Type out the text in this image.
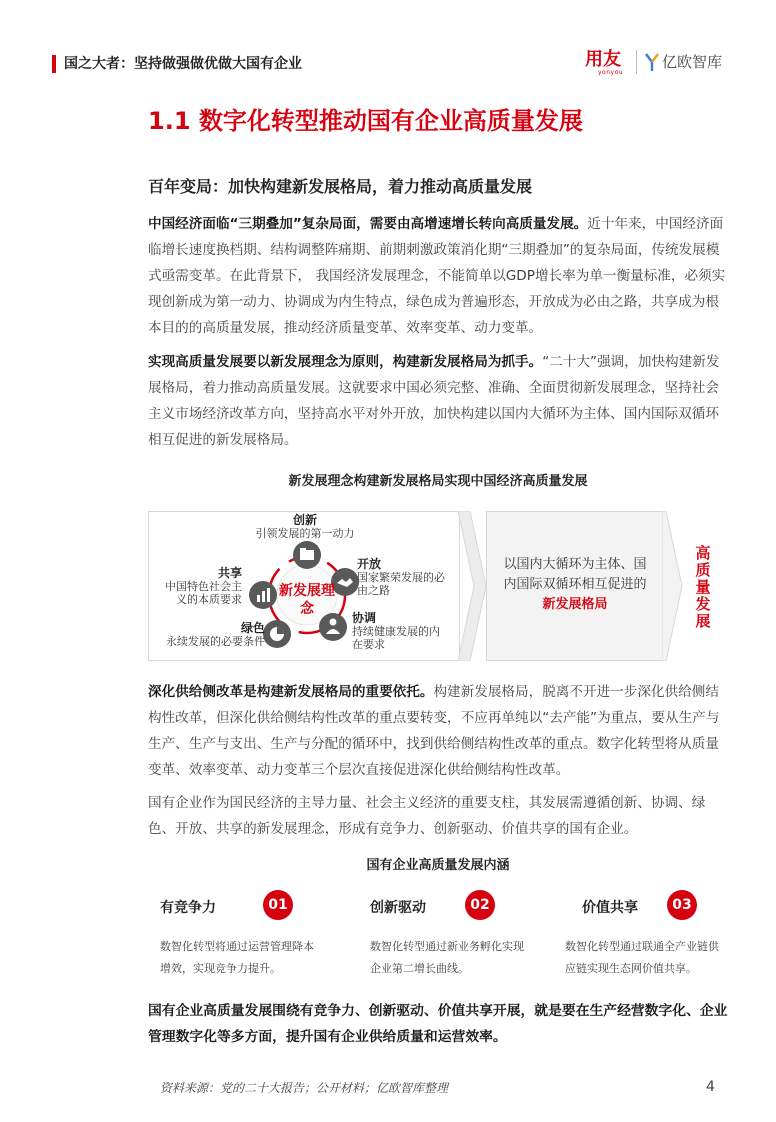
国之大者：坚持做强做优做大国有企业	用友
yonyou
亿欧智库
1.1 数字化转型推动国有企业高质量发展
百年变局：加快构建新发展格局，着力推动高质量发展
中国经济面临“三期叠加”复杂局面，需要由高增速增长转向高质量发展。近十年来，中国经济面临增长速度换档期、结构调整阵痛期、前期刺激政策消化期“三期叠加”的复杂局面，传统发展模式亟需变革。在此背景下， 我国经济发展理念，不能简单以GDP增长率为单一衡量标准，必须实现创新成为第一动力、协调成为内生特点，绿色成为普遍形态，开放成为必由之路，共享成为根本目的的高质量发展，推动经济质量变革、效率变革、动力变革。
实现高质量发展要以新发展理念为原则，构建新发展格局为抓手。“二十大”强调，加快构建新发展格局，着力推动高质量发展。这就要求中国必须完整、准确、全面贯彻新发展理念，坚持社会主义市场经济改革方向，坚持高水平对外开放，加快构建以国内大循环为主体、国内国际双循环相互促进的新发展格局。
新发展理念构建新发展格局实现中国经济高质量发展
新发展理念
创新
引领发展的第一动力
开放
国家繁荣发展的必由之路
协调
持续健康发展的内在要求
绿色
永续发展的必要条件
共享
中国特色社会主义的本质要求
以国内大循环为主体、国内国际双循环相互促进的新发展格局
高质量发展
深化供给侧改革是构建新发展格局的重要依托。构建新发展格局，脱离不开进一步深化供给侧结构性改革，但深化供给侧结构性改革的重点要转变，不应再单纯以“去产能”为重点，要从生产与生产、生产与支出、生产与分配的循环中，找到供给侧结构性改革的重点。数字化转型将从质量变革、效率变革、动力变革三个层次直接促进深化供给侧结构性改革。
国有企业作为国民经济的主导力量、社会主义经济的重要支柱，其发展需遵循创新、协调、绿色、开放、共享的新发展理念，形成有竞争力、创新驱动、价值共享的国有企业。
国有企业高质量发展内涵
有竞争力	01
数智化转型将通过运营管理降本增效，实现竞争力提升。
创新驱动	02
数智化转型通过新业务孵化实现企业第二增长曲线。
价值共享	03
数智化转型通过联通全产业链供应链实现生态网价值共享。
国有企业高质量发展围绕有竞争力、创新驱动、价值共享开展，就是要在生产经营数字化、企业管理数字化等多方面，提升国有企业供给质量和运营效率。
资料来源：党的二十大报告；公开材料；亿欧智库整理	4
